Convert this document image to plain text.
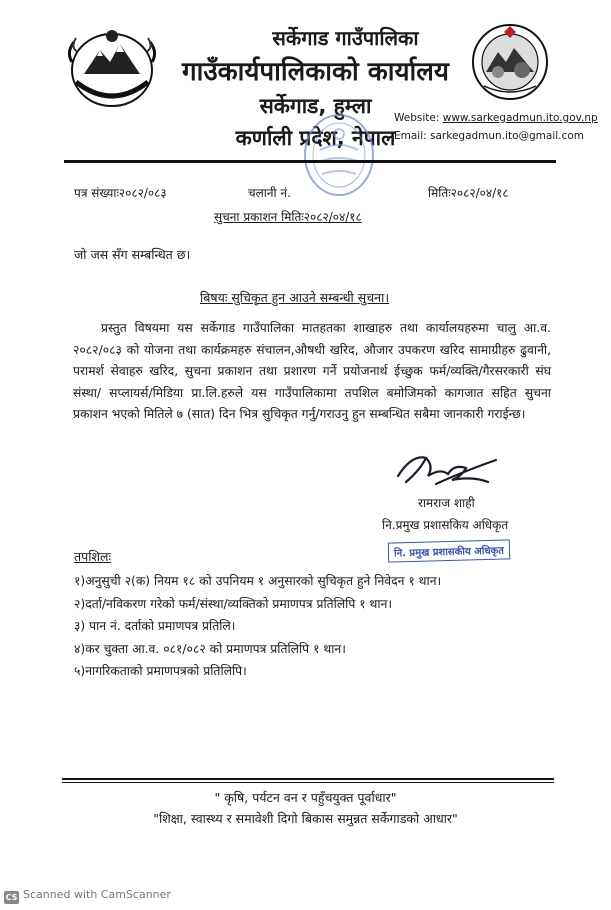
सर्केगाड गाउँपालिका
गाउँकार्यपालिकाको कार्यालय
सर्केगाड, हुम्ला
कर्णाली प्रदेश, नेपाल
Website: www.sarkegadmun.ito.gov.np
Email: sarkegadmun.ito@gmail.com
पत्र संख्याः२०८२/०८३	चलानी नं.	मितिः२०८२/०४/१८
सुचना प्रकाशन मितिः२०८२/०४/१८
जो जस सँग सम्बन्धित छ।
बिषयः सुचिकृत हुन आउने सम्बन्धी सुचना।
प्रस्तुत विषयमा यस सर्केगाड गाउँपालिका मातहतका शाखाहरु तथा कार्यालयहरुमा चालु आ.व. २०८२/०८३ को योजना तथा कार्यक्रमहरु संचालन,औषधी खरिद, औजार उपकरण खरिद सामाग्रीहरु ढुवानी, परामर्श सेवाहरु खरिद, सुचना प्रकाशन तथा प्रशारण गर्ने प्रयोजनार्थ ईच्छुक फर्म/व्यक्ति/गैरसरकारी संघ संस्था/ सप्लायर्स/मिडिया प्रा.लि.हरुले यस गाउँपालिकामा तपशिल बमोजिमको कागजात सहित सुचना प्रकाशन भएको मितिले ७ (सात) दिन भित्र सुचिकृत गर्नु/गराउनु हुन सम्बन्धित सबैमा जानकारी गराईन्छ।
रामराज शाही
नि.प्रमुख प्रशासकिय अधिकृत
नि. प्रमुख प्रशासकीय अधिकृत
तपशिलः
१)अनुसुची २(क) नियम १८ को उपनियम १ अनुसारको सुचिकृत हुने निवेदन १ थान।
२)दर्ता/नविकरण गरेको फर्म/संस्था/व्यक्तिको प्रमाणपत्र प्रतिलिपि १ थान।
३) पान नं. दर्ताको प्रमाणपत्र प्रतिलि।
४)कर चुक्ता आ.व. ०८१/०८२ को प्रमाणपत्र प्रतिलिपि १ थान।
५)नागरिकताको प्रमाणपत्रको प्रतिलिपि।
" कृषि, पर्यटन वन र पहुँचयुक्त पूर्वाधार"
"शिक्षा, स्वास्थ्य र समावेशी दिगो बिकास समुन्नत सर्केगाडको आधार"
CS Scanned with CamScanner
